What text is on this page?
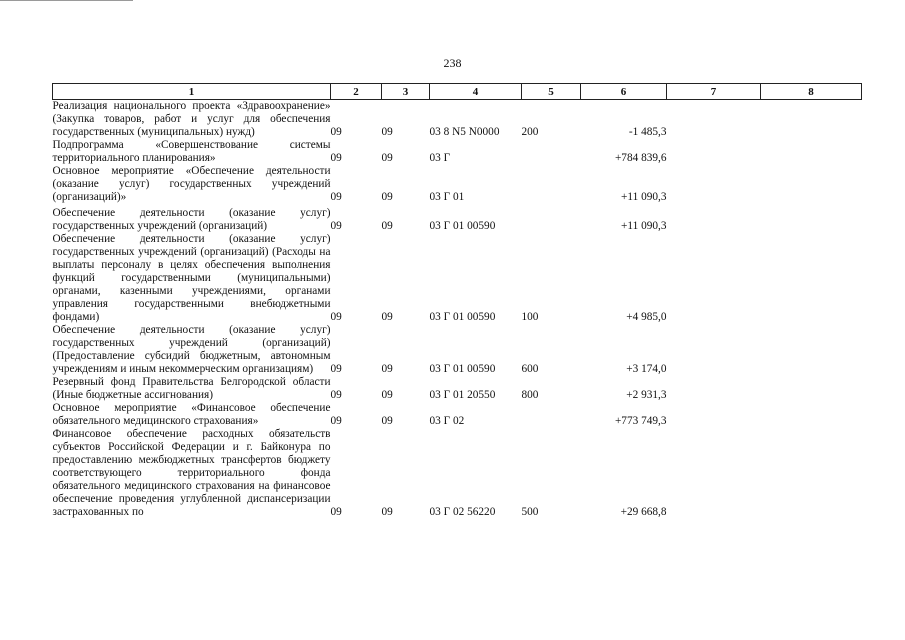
238
1	2	3	4	5	6	7	8
Реализация национального проекта «Здравоохранение» (Закупка товаров, работ и услуг для обеспечения государственных (муниципальных) нужд)	09	09	03 8 N5 N0000	200	-1 485,3		
Подпрограмма «Совершенствование системы территориального планирования»	09	09	03 Г		+784 839,6		
Основное мероприятие «Обеспечение деятельности (оказание услуг) государственных учреждений (организаций)»	09	09	03 Г 01		+11 090,3		

Обеспечение деятельности (оказание услуг) государственных учреждений (организаций)	09	09	03 Г 01 00590		+11 090,3		
Обеспечение деятельности (оказание услуг) государственных учреждений (организаций) (Расходы на выплаты персоналу в целях обеспечения выполнения функций государственными (муниципальными) органами, казенными учреждениями, органами управления государственными внебюджетными фондами)	09	09	03 Г 01 00590	100	+4 985,0		
Обеспечение деятельности (оказание услуг) государственных учреждений (организаций) (Предоставление субсидий бюджетным, автономным учреждениям и иным некоммерческим организациям)	09	09	03 Г 01 00590	600	+3 174,0		
Резервный фонд Правительства Белгородской области (Иные бюджетные ассигнования)	09	09	03 Г 01 20550	800	+2 931,3		
Основное мероприятие «Финансовое обеспечение обязательного медицинского страхования»	09	09	03 Г 02		+773 749,3		
Финансовое обеспечение расходных обязательств субъектов Российской Федерации и г. Байконура по предоставлению межбюджетных трансфертов бюджету соответствующего территориального фонда обязательного медицинского страхования на финансовое обеспечение проведения углубленной диспансеризации застрахованных по	09	09	03 Г 02 56220	500	+29 668,8		
